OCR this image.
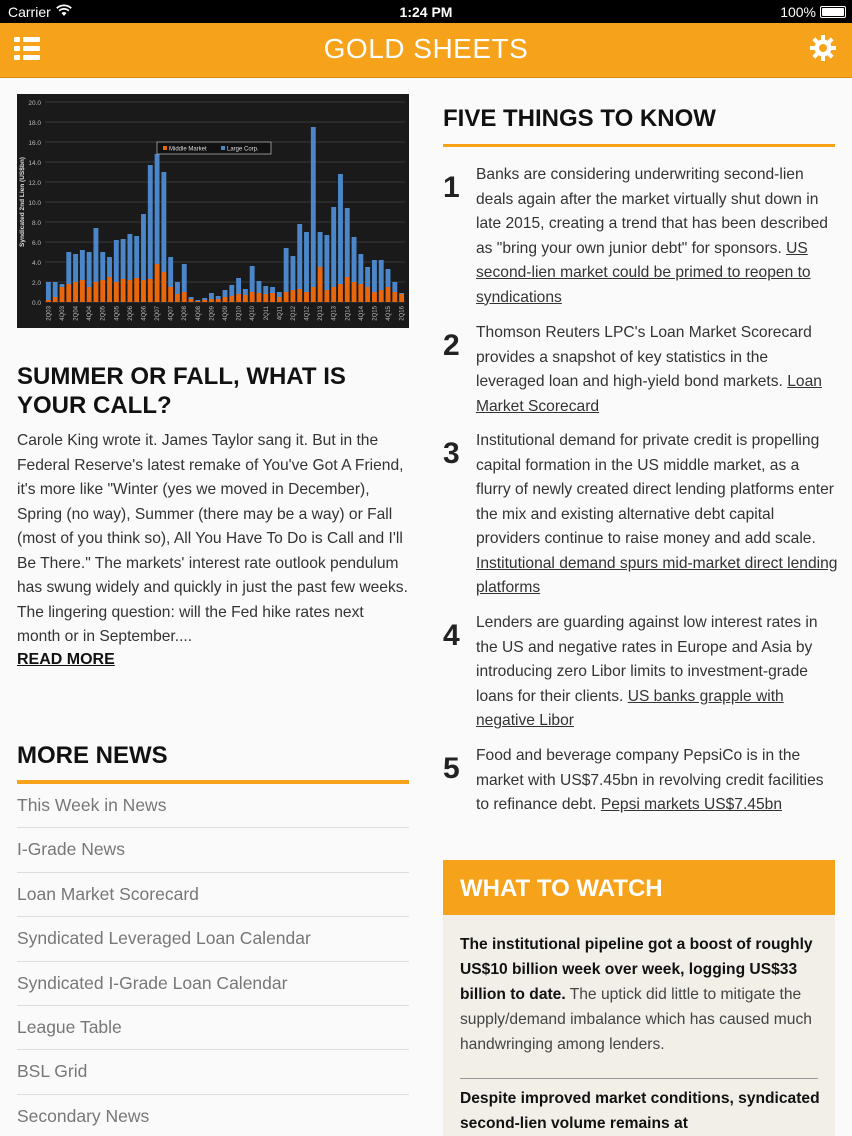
Carrier	1:24 PM	100%
GOLD SHEETS
0.0
2.0
4.0
6.0
8.0
10.0
12.0
14.0
16.0
18.0
20.0
Syndicated 2nd Lien (US$bn)
2Q03 4Q03 2Q04 4Q04 2Q05 4Q05 2Q06 4Q06 2Q07 4Q07 2Q08 4Q08 2Q09 4Q09 2Q10 4Q10 2Q11 4Q11 2Q12 4Q12 2Q13 4Q13 2Q14 4Q14 2Q15 4Q15 2Q16
Middle Market	Large Corp.
SUMMER OR FALL, WHAT IS YOUR CALL?

Carole King wrote it. James Taylor sang it. But in the Federal Reserve's latest remake of You've Got A Friend, it's more like "Winter (yes we moved in December), Spring (no way), Summer (there may be a way) or Fall (most of you think so), All You Have To Do is Call and I'll Be There." The markets' interest rate outlook pendulum has swung widely and quickly in just the past few weeks. The lingering question: will the Fed hike rates next month or in September....

READ MORE
MORE NEWS
This Week in News
I-Grade News
Loan Market Scorecard
Syndicated Leveraged Loan Calendar
Syndicated I-Grade Loan Calendar
League Table
BSL Grid
Secondary News
FIVE THINGS TO KNOW
1 Banks are considering underwriting second-lien deals again after the market virtually shut down in late 2015, creating a trend that has been described as "bring your own junior debt" for sponsors. US second-lien market could be primed to reopen to syndications

2 Thomson Reuters LPC's Loan Market Scorecard provides a snapshot of key statistics in the leveraged loan and high-yield bond markets. Loan Market Scorecard

3 Institutional demand for private credit is propelling capital formation in the US middle market, as a flurry of newly created direct lending platforms enter the mix and existing alternative debt capital providers continue to raise money and add scale. Institutional demand spurs mid-market direct lending platforms

4 Lenders are guarding against low interest rates in the US and negative rates in Europe and Asia by introducing zero Libor limits to investment-grade loans for their clients. US banks grapple with negative Libor

5 Food and beverage company PepsiCo is in the market with US$7.45bn in revolving credit facilities to refinance debt. Pepsi markets US$7.45bn

WHAT TO WATCH

The institutional pipeline got a boost of roughly US$10 billion week over week, logging US$33 billion to date. The uptick did little to mitigate the supply/demand imbalance which has caused much handwringing among lenders.

Despite improved market conditions, syndicated second-lien volume remains at
